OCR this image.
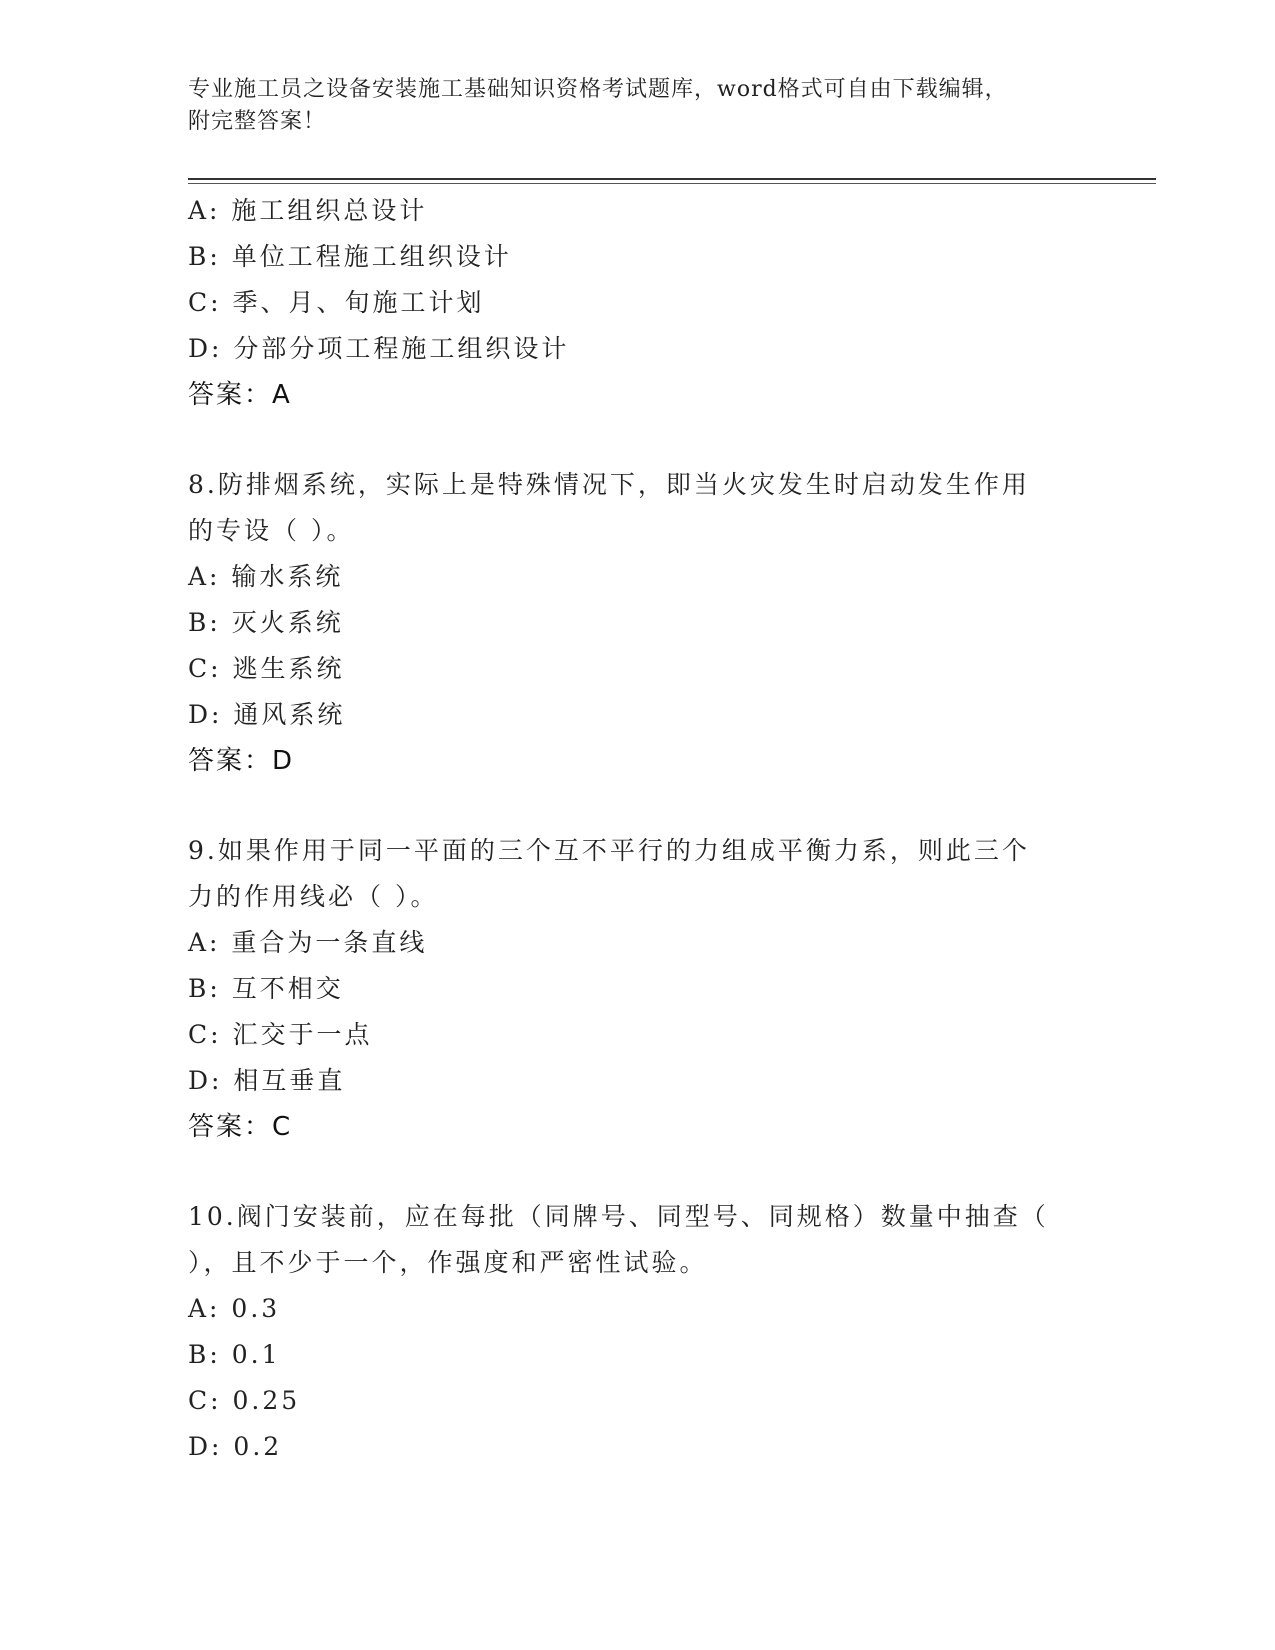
专业施工员之设备安装施工基础知识资格考试题库，word格式可自由下载编辑，
附完整答案！
A: 施工组织总设计
B: 单位工程施工组织设计
C: 季、月、旬施工计划
D: 分部分项工程施工组织设计
答案：A
8.防排烟系统，实际上是特殊情况下，即当火灾发生时启动发生作用
的专设（ ）。
A: 输水系统
B: 灭火系统
C: 逃生系统
D: 通风系统
答案：D
9.如果作用于同一平面的三个互不平行的力组成平衡力系，则此三个
力的作用线必（ ）。
A: 重合为一条直线
B: 互不相交
C: 汇交于一点
D: 相互垂直
答案：C
10.阀门安装前，应在每批（同牌号、同型号、同规格）数量中抽查（
），且不少于一个，作强度和严密性试验。
A: 0.3
B: 0.1
C: 0.25
D: 0.2
